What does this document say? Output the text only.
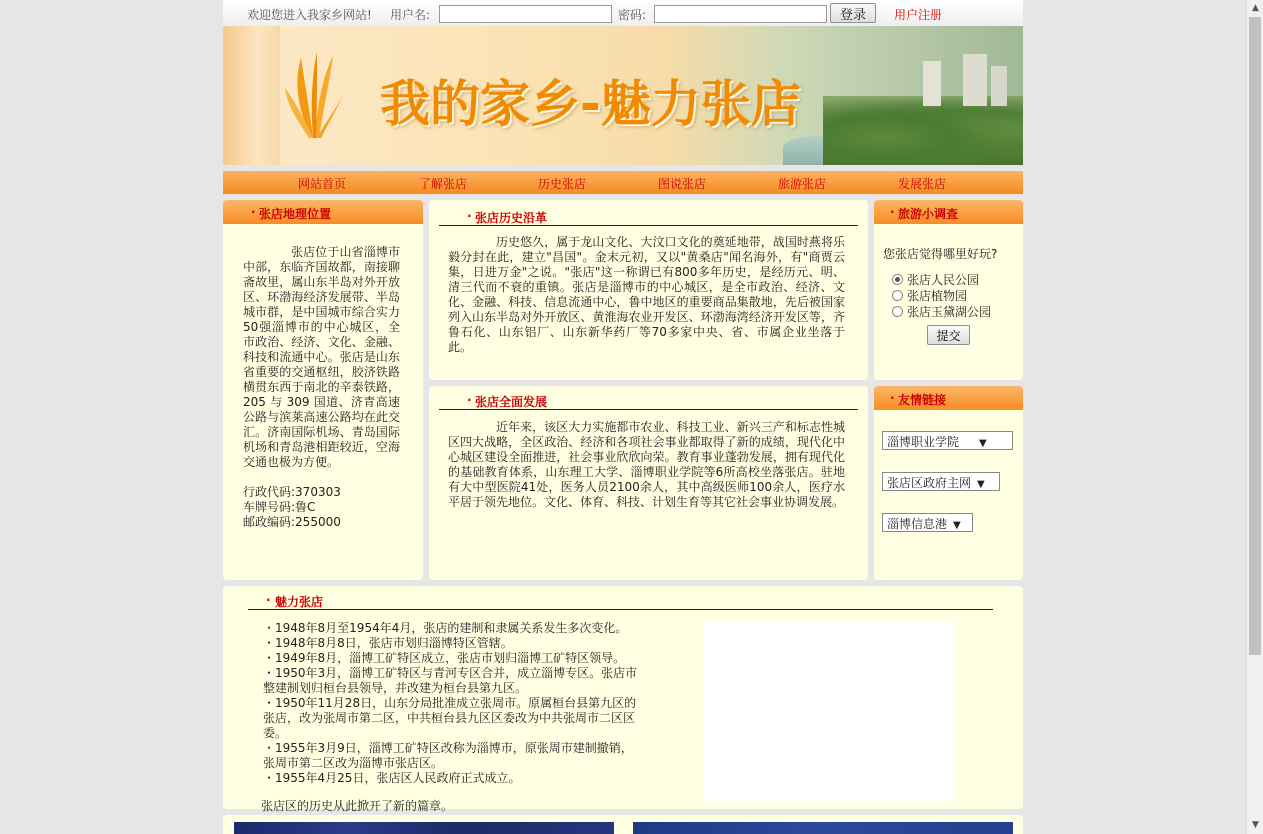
欢迎您进入我家乡网站! 用户名:	密码:	登录	用户注册
我的家乡-魅力张店
网站首页	了解张店	历史张店	图说张店	旅游张店	发展张店
· 张店地理位置
张店位于山省淄博市中部，东临齐国故都，南接聊斋故里，属山东半岛对外开放区、环渤海经济发展带、半岛城市群，是中国城市综合实力50强淄博市的中心城区，全市政治、经济、文化、金融、科技和流通中心。张店是山东省重要的交通枢纽，胶济铁路横贯东西于南北的辛泰铁路，205 与 309 国道、济青高速公路与滨莱高速公路均在此交汇。济南国际机场、青岛国际机场和青岛港相距较近，空海交通也极为方便。
行政代码:370303
车牌号码:鲁C
邮政编码:255000
· 张店历史沿革
历史悠久，属于龙山文化、大汶口文化的奠延地带，战国时燕将乐毅分封在此，建立"昌国"。金末元初，又以"黄桑店"闻名海外，有"商贾云集，日进万金"之说。"张店"这一称谓已有800多年历史，是经历元、明、清三代而不衰的重镇。张店是淄博市的中心城区，是全市政治、经济、文化、金融、科技、信息流通中心，鲁中地区的重要商品集散地，先后被国家列入山东半岛对外开放区、黄淮海农业开发区、环渤海湾经济开发区等，齐鲁石化、山东铝厂、山东新华药厂等70多家中央、省、市属企业坐落于此。
· 张店全面发展
近年来，该区大力实施都市农业、科技工业、新兴三产和标志性城区四大战略，全区政治、经济和各项社会事业都取得了新的成绩，现代化中心城区建设全面推进，社会事业欣欣向荣。教育事业蓬勃发展，拥有现代化的基础教育体系，山东理工大学、淄博职业学院等6所高校坐落张店。驻地有大中型医院41处，医务人员2100余人，其中高级医师100余人，医疗水平居于领先地位。文化、体育、科技、计划生育等其它社会事业协调发展。
· 旅游小调查
您张店觉得哪里好玩?
张店人民公园
张店植物园
张店玉黛湖公园
提交
· 友情链接
淄博职业学院 ▼
张店区政府主网 ▼
淄博信息港 ▼
· 魅力张店
・1948年8月至1954年4月，张店的建制和隶属关系发生多次变化。
・1948年8月8日，张店市划归淄博特区管辖。
・1949年8月，淄博工矿特区成立，张店市划归淄博工矿特区领导。
・1950年3月，淄博工矿特区与青河专区合并，成立淄博专区。张店市整建制划归桓台县领导，并改建为桓台县第九区。
・1950年11月28日，山东分局批准成立张周市。原属桓台县第九区的张店，改为张周市第二区，中共桓台县九区区委改为中共张周市二区区委。
・1955年3月9日，淄博工矿特区改称为淄博市，原张周市建制撤销，张周市第二区改为淄博市张店区。
・1955年4月25日，张店区人民政府正式成立。
张店区的历史从此掀开了新的篇章。
▲
▼
